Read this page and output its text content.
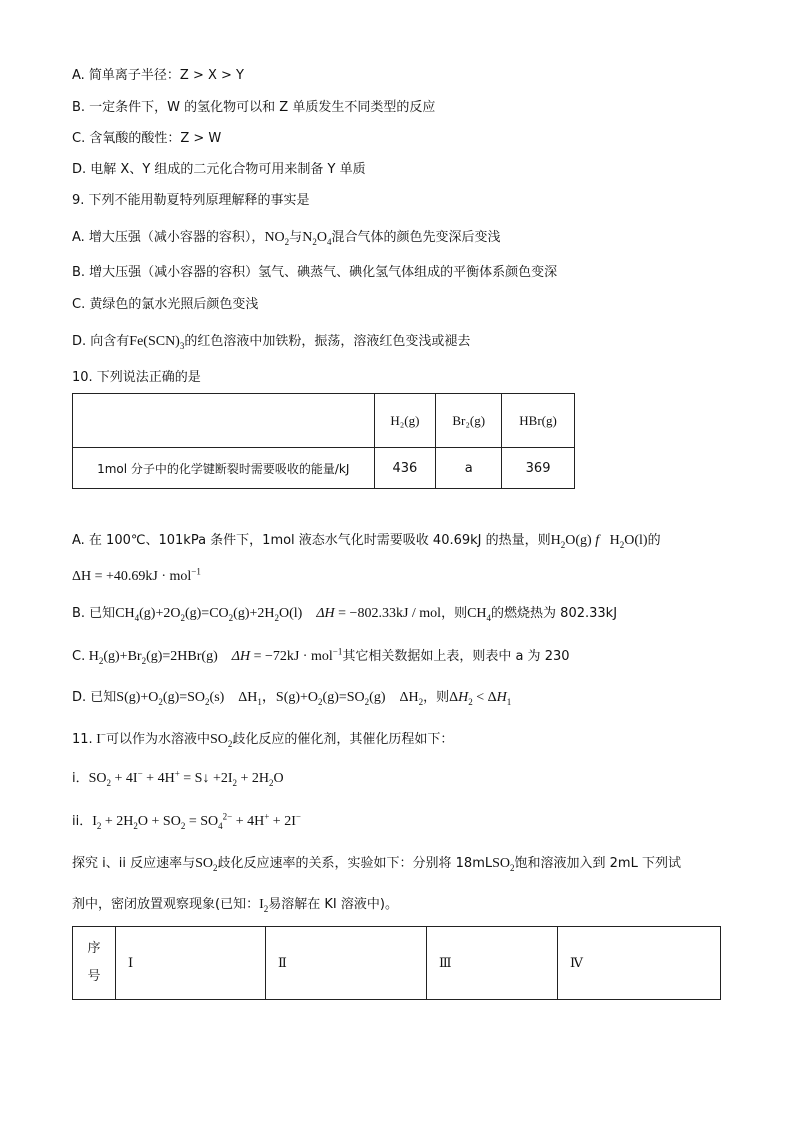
A. 简单离子半径：Z > X > Y
B. 一定条件下，W 的氢化物可以和 Z 单质发生不同类型的反应
C. 含氧酸的酸性：Z > W
D. 电解 X、Y 组成的二元化合物可用来制备 Y 单质
9. 下列不能用勒夏特列原理解释的事实是
A. 增大压强（减小容器的容积），$NO_2$与$N_2O_4$混合气体的颜色先变深后变浅
B. 增大压强（减小容器的容积）氢气、碘蒸气、碘化氢气体组成的平衡体系颜色变深
C. 黄绿色的氯水光照后颜色变浅
D. 向含有$Fe(SCN)_3$的红色溶液中加铁粉，振荡，溶液红色变浅或褪去
10. 下列说法正确的是
	H₂(g)	Br₂(g)	HBr(g)
1mol 分子中的化学键断裂时需要吸收的能量/kJ	436	a	369
A. 在 100℃、101kPa 条件下，1mol 液态水气化时需要吸收 40.69kJ 的热量，则$H_2O(g)$ f   $H_2O(l)$的
ΔH = +40.69kJ · mol$^{-1}$
B. 已知$CH_4(g)+2O_2(g)=CO_2(g)+2H_2O(l)$    ΔH = −802.33kJ / mol，则$CH_4$的燃烧热为 802.33kJ
C. $H_2(g)+Br_2(g)=2HBr(g)$    ΔH = −72kJ · mol$^{-1}$其它相关数据如上表，则表中 a 为 230
D. 已知$S(g)+O_2(g)=SO_2(s)$    $\Delta H_1$，$S(g)+O_2(g)=SO_2(g)$    $\Delta H_2$，则$\Delta H_2 < \Delta H_1$
11. I−可以作为水溶液中$SO_2$歧化反应的催化剂，其催化历程如下：
i．$SO_2 + 4I^- + 4H^+$ = S↓ $+2I_2 + 2H_2O$
ii．$I_2 + 2H_2O + SO_2 = SO_4^{2-} + 4H^+ + 2I^-$
探究 i、ii 反应速率与$SO_2$歧化反应速率的关系，实验如下：分别将 18mLSO$_2$饱和溶液加入到 2mL 下列试
剂中，密闭放置观察现象(已知：$I_2$易溶解在 KI 溶液中)。
序
号	Ⅰ	Ⅱ	Ⅲ	Ⅳ
